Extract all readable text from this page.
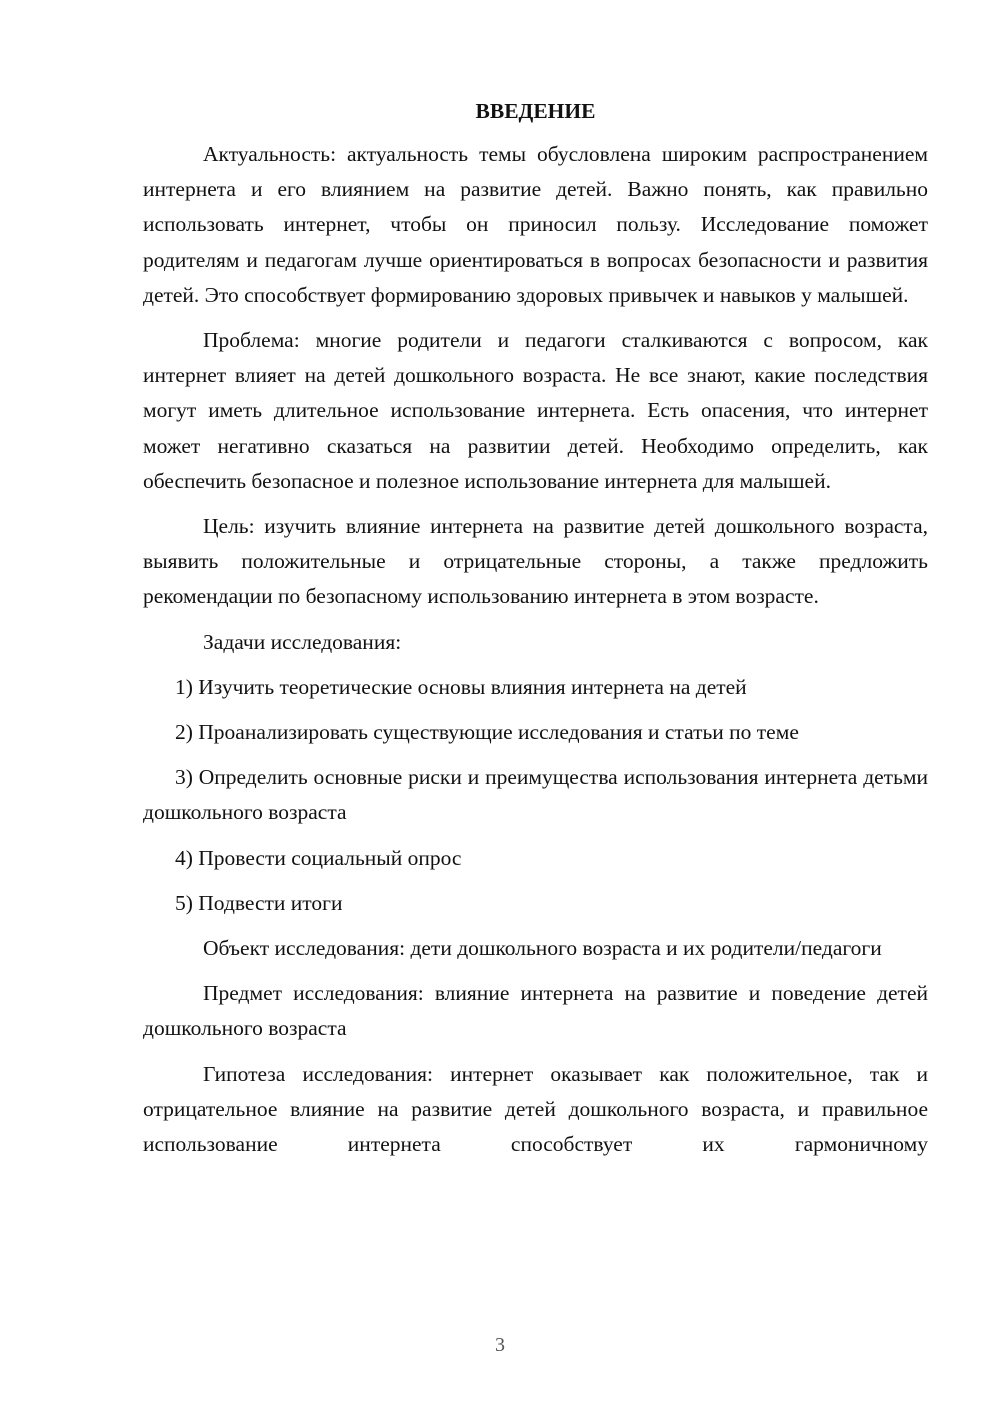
ВВЕДЕНИЕ

Актуальность: актуальность темы обусловлена широким распространением интернета и его влиянием на развитие детей. Важно понять, как правильно использовать интернет, чтобы он приносил пользу. Исследование поможет родителям и педагогам лучше ориентироваться в вопросах безопасности и развития детей. Это способствует формированию здоровых привычек и навыков у малышей.

Проблема: многие родители и педагоги сталкиваются с вопросом, как интернет влияет на детей дошкольного возраста. Не все знают, какие последствия могут иметь длительное использование интернета. Есть опасения, что интернет может негативно сказаться на развитии детей. Необходимо определить, как обеспечить безопасное и полезное использование интернета для малышей.

Цель: изучить влияние интернета на развитие детей дошкольного возраста, выявить положительные и отрицательные стороны, а также предложить рекомендации по безопасному использованию интернета в этом возрасте.

Задачи исследования:

1) Изучить теоретические основы влияния интернета на детей

2) Проанализировать существующие исследования и статьи по теме

3) Определить основные риски и преимущества использования интернета детьми дошкольного возраста

4) Провести социальный опрос

5) Подвести итоги

Объект исследования: дети дошкольного возраста и их родители/педагоги

Предмет исследования: влияние интернета на развитие и поведение детей дошкольного возраста

Гипотеза исследования: интернет оказывает как положительное, так и отрицательное влияние на развитие детей дошкольного возраста, и правильное использование интернета способствует их гармоничному

3
